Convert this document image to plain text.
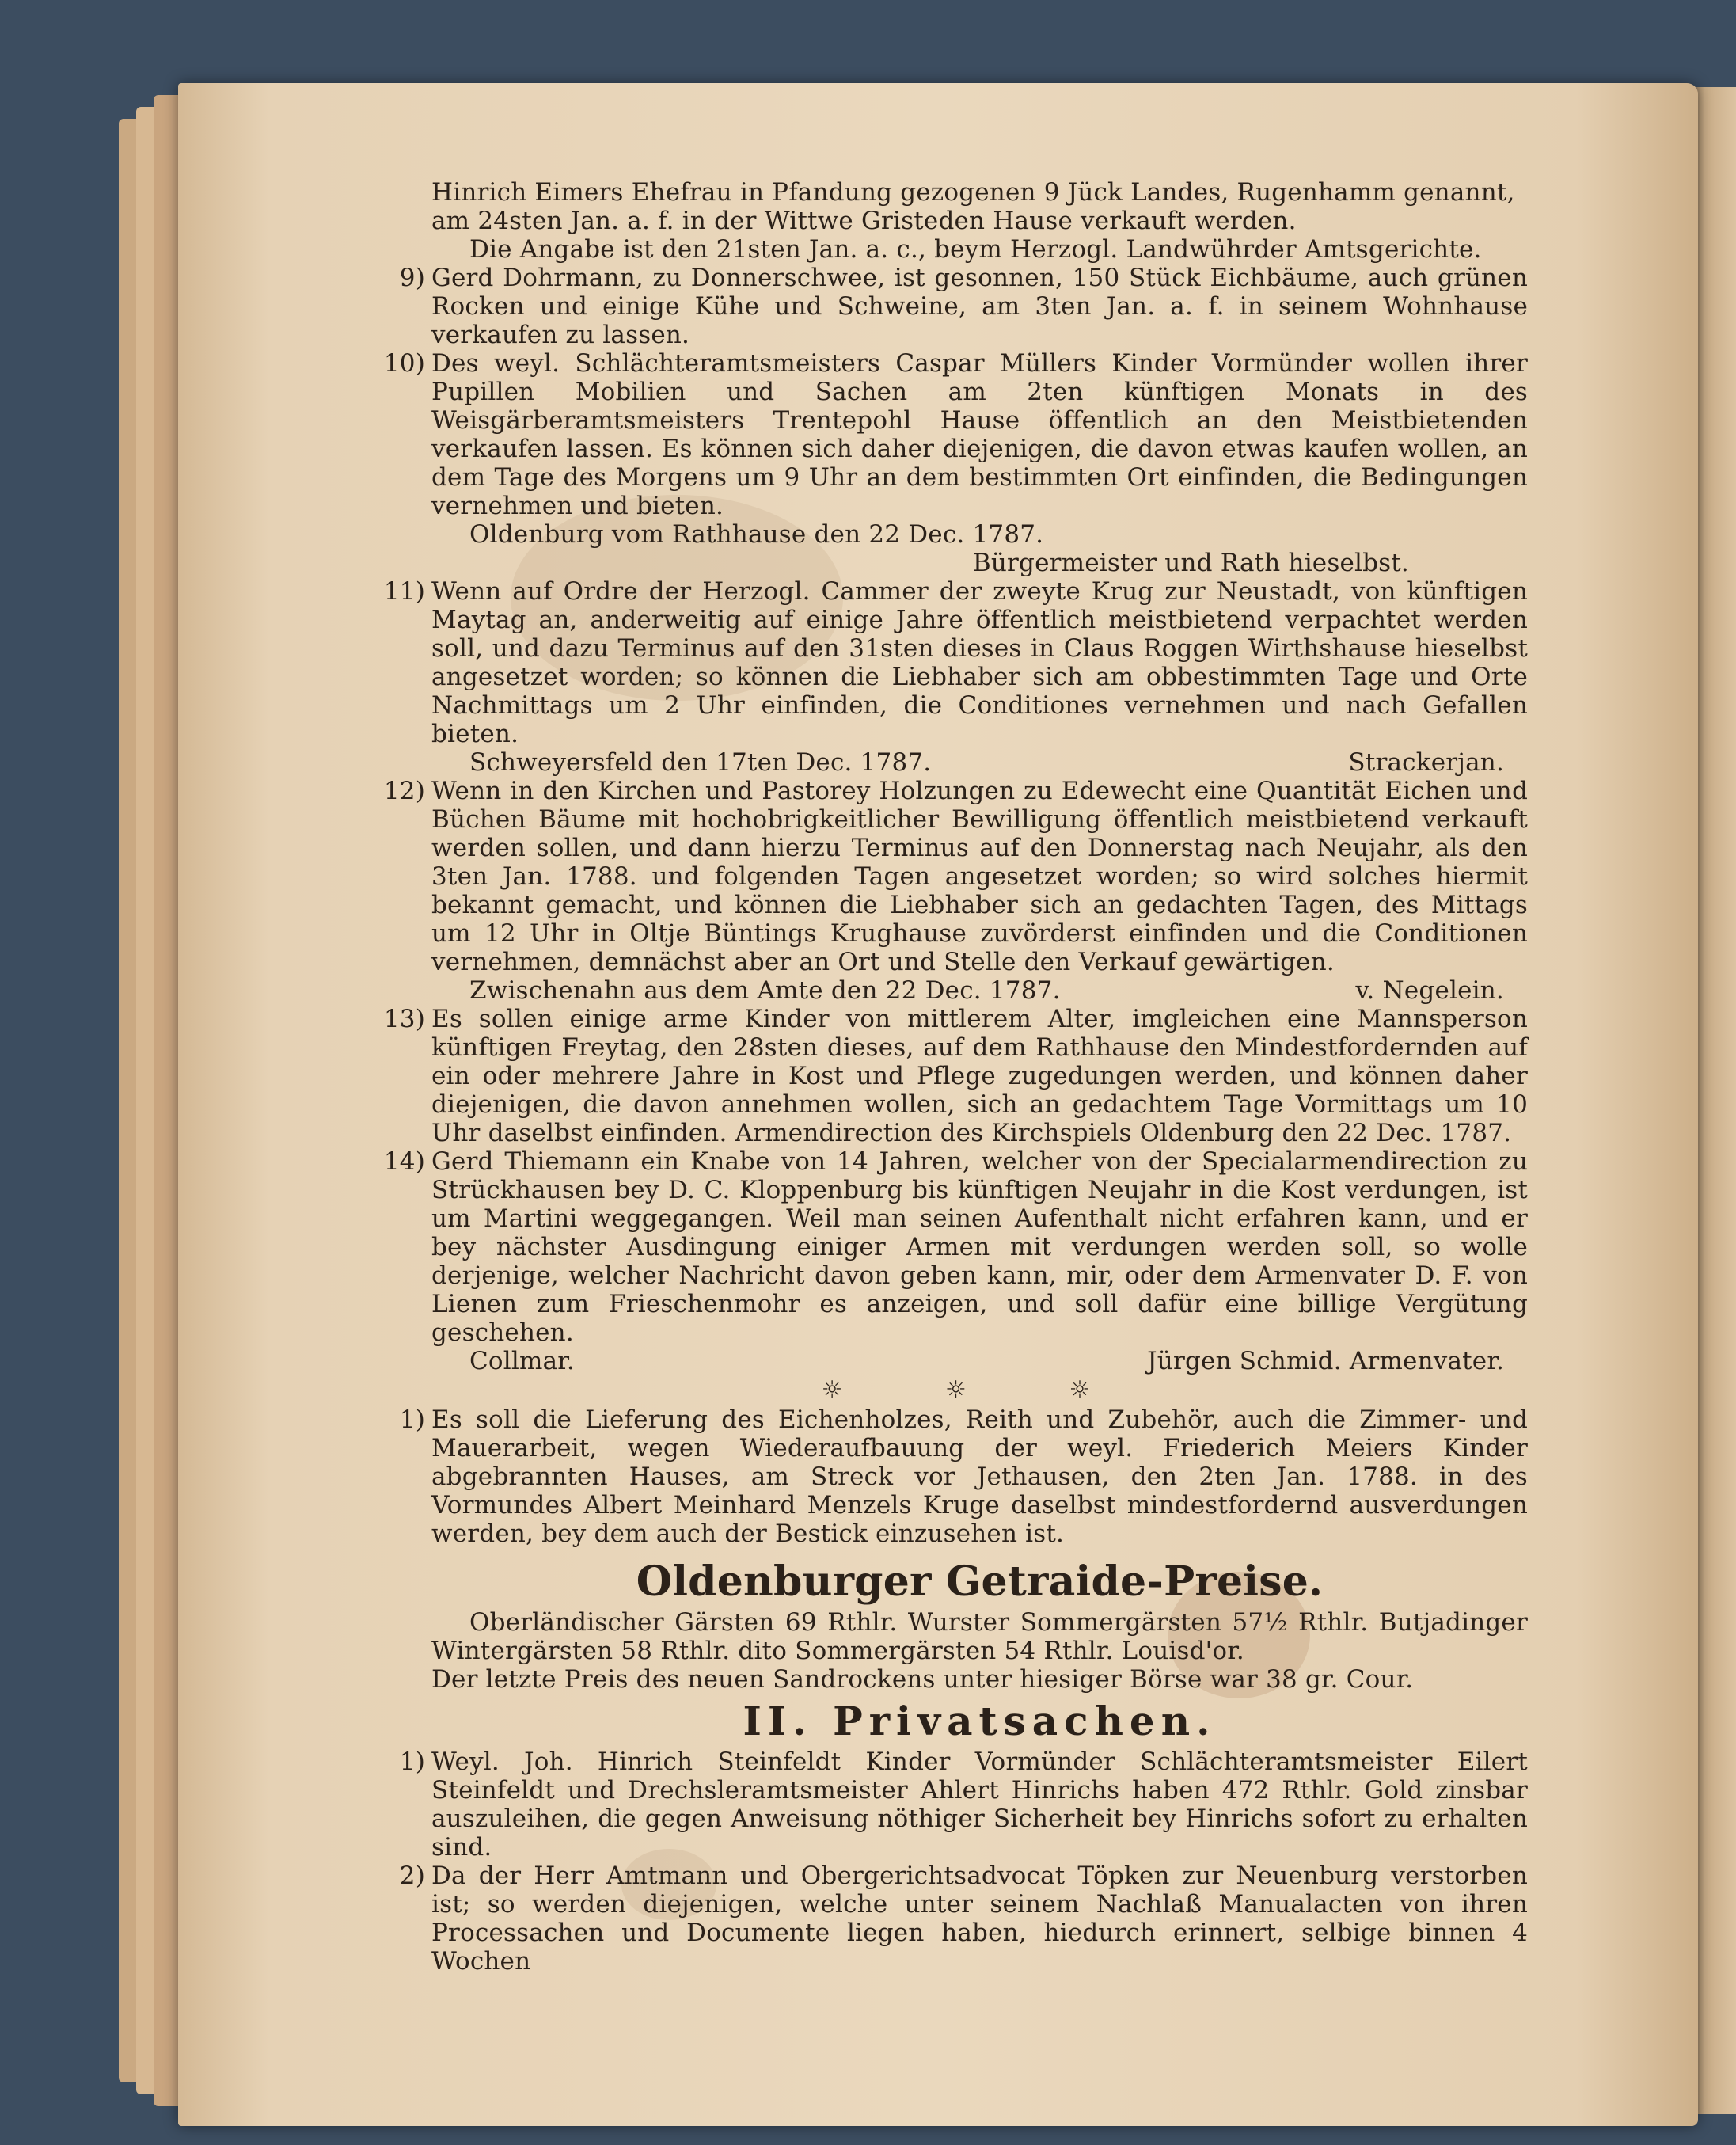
Hinrich Eimers Ehefrau in Pfandung gezogenen 9 Jück Landes, Rugenhamm genannt,

am 24sten Jan. a. f. in der Wittwe Gristeden Hause verkauft werden.

Die Angabe ist den 21sten Jan. a. c., beym Herzogl. Landwührder Amtsgerichte.

9) Gerd Dohrmann, zu Donnerschwee, ist gesonnen, 150 Stück Eichbäume, auch grünen Rocken und einige Kühe und Schweine, am 3ten Jan. a. f. in seinem Wohnhause verkaufen zu lassen.
10) Des weyl. Schlächteramtsmeisters Caspar Müllers Kinder Vormünder wollen ihrer Pupillen Mobilien und Sachen am 2ten künftigen Monats in des Weisgärberamtsmeisters Trentepohl Hause öffentlich an den Meistbietenden verkaufen lassen. Es können sich daher diejenigen, die davon etwas kaufen wollen, an dem Tage des Morgens um 9 Uhr an dem bestimmten Ort einfinden, die Bedingungen vernehmen und bieten.

Oldenburg vom Rathhause den 22 Dec. 1787.

Bürgermeister und Rath hieselbst.

11) Wenn auf Ordre der Herzogl. Cammer der zweyte Krug zur Neustadt, von künftigen Maytag an, anderweitig auf einige Jahre öffentlich meistbietend verpachtet werden soll, und dazu Terminus auf den 31sten dieses in Claus Roggen Wirthshause hieselbst angesetzet worden; so können die Liebhaber sich am obbestimmten Tage und Orte Nachmittags um 2 Uhr einfinden, die Conditiones vernehmen und nach Gefallen bieten.
Schweyersfeld den 17ten Dec. 1787.	Strackerjan.
12) Wenn in den Kirchen und Pastorey Holzungen zu Edewecht eine Quantität Eichen und Büchen Bäume mit hochobrigkeitlicher Bewilligung öffentlich meistbietend verkauft werden sollen, und dann hierzu Terminus auf den Donnerstag nach Neujahr, als den 3ten Jan. 1788. und folgenden Tagen angesetzet worden; so wird solches hiermit bekannt gemacht, und können die Liebhaber sich an gedachten Tagen, des Mittags um 12 Uhr in Oltje Büntings Krughause zuvörderst einfinden und die Conditionen vernehmen, demnächst aber an Ort und Stelle den Verkauf gewärtigen.
Zwischenahn aus dem Amte den 22 Dec. 1787.	v. Negelein.
13) Es sollen einige arme Kinder von mittlerem Alter, imgleichen eine Mannsperson künftigen Freytag, den 28sten dieses, auf dem Rathhause den Mindestfordernden auf ein oder mehrere Jahre in Kost und Pflege zugedungen werden, und können daher diejenigen, die davon annehmen wollen, sich an gedachtem Tage Vormittags um 10 Uhr daselbst einfinden. Armendirection des Kirchspiels Oldenburg den 22 Dec. 1787.
14) Gerd Thiemann ein Knabe von 14 Jahren, welcher von der Specialarmendirection zu Strückhausen bey D. C. Kloppenburg bis künftigen Neujahr in die Kost verdungen, ist um Martini weggegangen. Weil man seinen Aufenthalt nicht erfahren kann, und er bey nächster Ausdingung einiger Armen mit verdungen werden soll, so wolle derjenige, welcher Nachricht davon geben kann, mir, oder dem Armenvater D. F. von Lienen zum Frieschenmohr es anzeigen, und soll dafür eine billige Vergütung geschehen.
Collmar.	Jürgen Schmid. Armenvater.
☼ ☼ ☼
1) Es soll die Lieferung des Eichenholzes, Reith und Zubehör, auch die Zimmer- und Mauerarbeit, wegen Wiederaufbauung der weyl. Friederich Meiers Kinder abgebrannten Hauses, am Streck vor Jethausen, den 2ten Jan. 1788. in des Vormundes Albert Meinhard Menzels Kruge daselbst mindestfordernd ausverdungen werden, bey dem auch der Bestick einzusehen ist.
Oldenburger Getraide-Preise.

Oberländischer Gärsten 69 Rthlr. Wurster Sommergärsten 57½ Rthlr. Butjadinger Wintergärsten 58 Rthlr. dito Sommergärsten 54 Rthlr. Louisd'or.

Der letzte Preis des neuen Sandrockens unter hiesiger Börse war 38 gr. Cour.

II. Privatsachen.
1) Weyl. Joh. Hinrich Steinfeldt Kinder Vormünder Schlächteramtsmeister Eilert Steinfeldt und Drechsleramtsmeister Ahlert Hinrichs haben 472 Rthlr. Gold zinsbar auszuleihen, die gegen Anweisung nöthiger Sicherheit bey Hinrichs sofort zu erhalten sind.
2) Da der Herr Amtmann und Obergerichtsadvocat Töpken zur Neuenburg verstorben ist; so werden diejenigen, welche unter seinem Nachlaß Manualacten von ihren Processachen und Documente liegen haben, hiedurch erinnert, selbige binnen 4 Wochen
